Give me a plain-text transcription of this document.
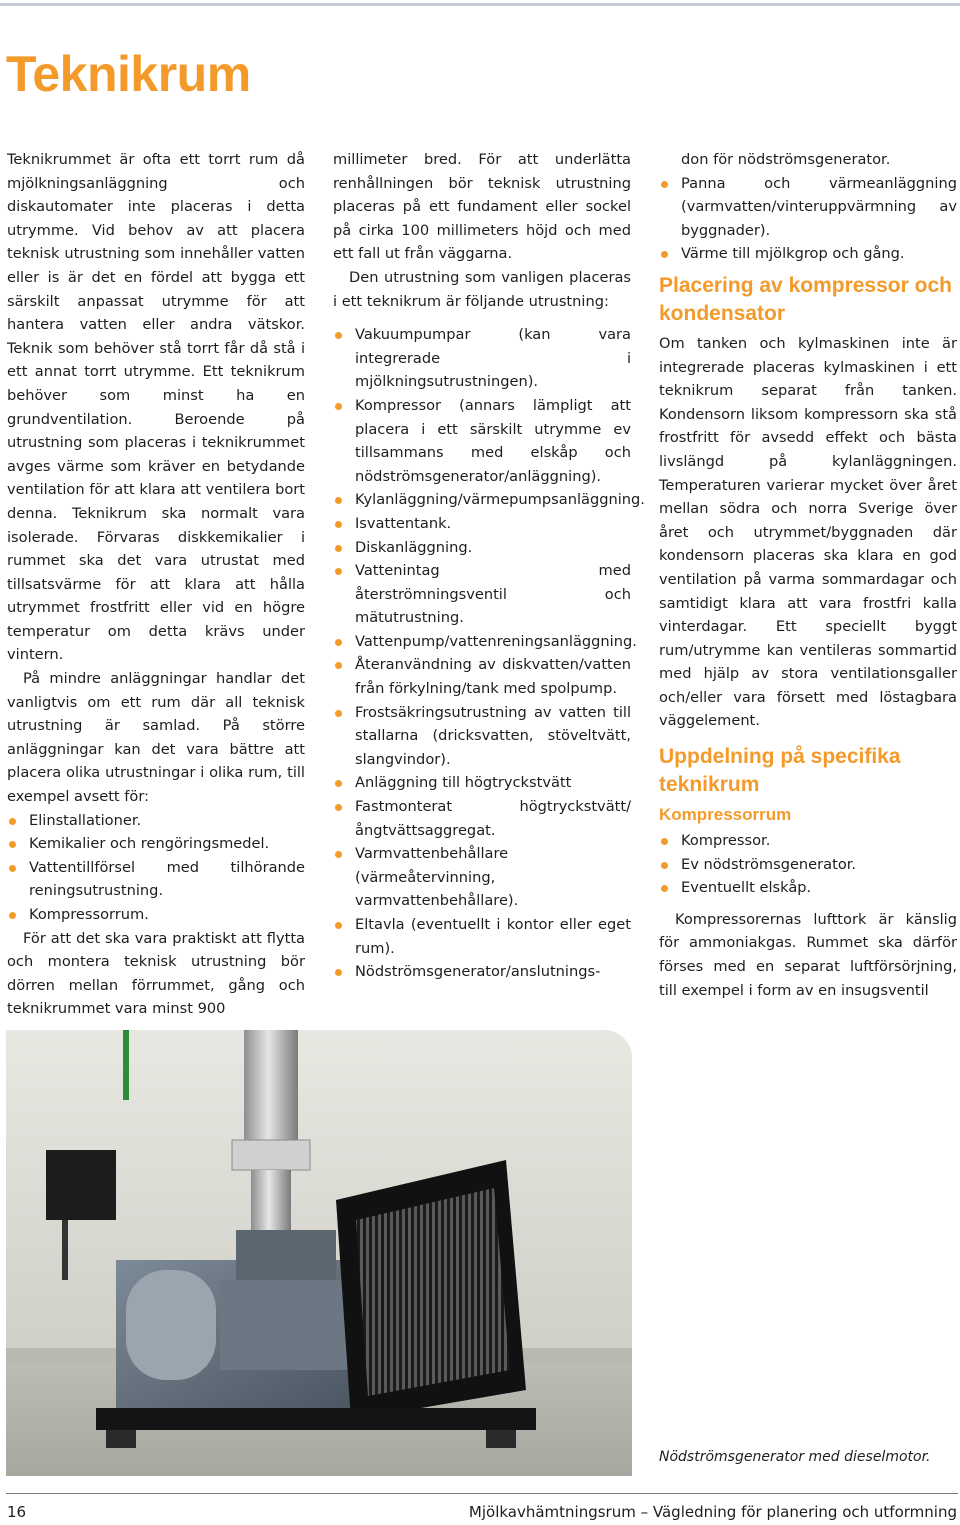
Teknikrum

Teknikrummet är ofta ett torrt rum då mjölkningsanläggning och diskautomater inte placeras i detta utrymme. Vid behov av att placera teknisk utrustning som innehåller vatten eller is är det en fördel att bygga ett särskilt anpassat utrymme för att hantera vatten eller andra vätskor. Teknik som behöver stå torrt får då stå i ett annat torrt utrymme. Ett teknikrum behöver som minst ha en grundventilation. Beroende på utrustning som placeras i teknikrummet avges värme som kräver en betydande ventilation för att klara att ventilera bort denna. Teknikrum ska normalt vara isolerade. Förvaras diskkemikalier i rummet ska det vara utrustat med tillsatsvärme för att klara att hålla utrymmet frostfritt eller vid en högre temperatur om detta krävs under vintern.

På mindre anläggningar handlar det vanligtvis om ett rum där all teknisk utrustning är samlad. På större anläggningar kan det vara bättre att placera olika utrustningar i olika rum, till exempel avsett för:

Elinstallationer.
Kemikalier och rengöringsmedel.
Vattentillförsel med tilhörande reningsutrustning.
Kompressorrum.

För att det ska vara praktiskt att flytta och montera teknisk utrustning bör dörren mellan förrummet, gång och teknikrummet vara minst 900

millimeter bred. För att underlätta renhållningen bör teknisk utrustning placeras på ett fundament eller sockel på cirka 100 millimeters höjd och med ett fall ut från väggarna.

Den utrustning som vanligen placeras i ett teknikrum är följande utrustning:

Vakuumpumpar (kan vara integrerade i mjölkningsutrustningen).
Kompressor (annars lämpligt att placera i ett särskilt utrymme ev tillsammans med elskåp och nödströmsgenerator/anläggning).
Kylanläggning/värmepumpsanläggning.
Isvattentank.
Diskanläggning.
Vattenintag med återströmningsventil och mätutrustning.
Vattenpump/vattenreningsanläggning.
Återanvändning av diskvatten/vatten från förkylning/tank med spolpump.
Frostsäkringsutrustning av vatten till stallarna (dricksvatten, stöveltvätt, slangvindor).
Anläggning till högtryckstvätt
Fastmonterat högtryckstvätt/ångtvättsaggregat.
Varmvattenbehållare (värmeåtervinning, varmvattenbehållare).
Eltavla (eventuellt i kontor eller eget rum).
Nödströmsgenerator/anslutnings-
don för nödströmsgenerator.
Panna och värmeanläggning (varmvatten/vinteruppvärmning av byggnader).
Värme till mjölkgrop och gång.
Placering av kompressor och kondensator

Om tanken och kylmaskinen inte är integrerade placeras kylmaskinen i ett teknikrum separat från tanken. Kondensorn liksom kompressorn ska stå frostfritt för avsedd effekt och bästa livslängd på kylanläggningen. Temperaturen varierar mycket över året mellan södra och norra Sverige över året och utrymmet/byggnaden där kondensorn placeras ska klara en god ventilation på varma sommardagar och samtidigt klara att vara frostfri kalla vinterdagar. Ett speciellt byggt rum/utrymme kan ventileras sommartid med hjälp av stora ventilationsgaller och/eller vara försett med löstagbara väggelement.

Uppdelning på specifika teknikrum
Kompressorrum
Kompressor.
Ev nödströmsgenerator.
Eventuellt elskåp.

Kompressorernas lufttork är känslig för ammoniakgas. Rummet ska därför förses med en separat luftförsörjning, till exempel i form av en insugsventil

Nödströmsgenerator med dieselmotor.

16	Mjölkavhämtningsrum – Vägledning för planering och utformning
